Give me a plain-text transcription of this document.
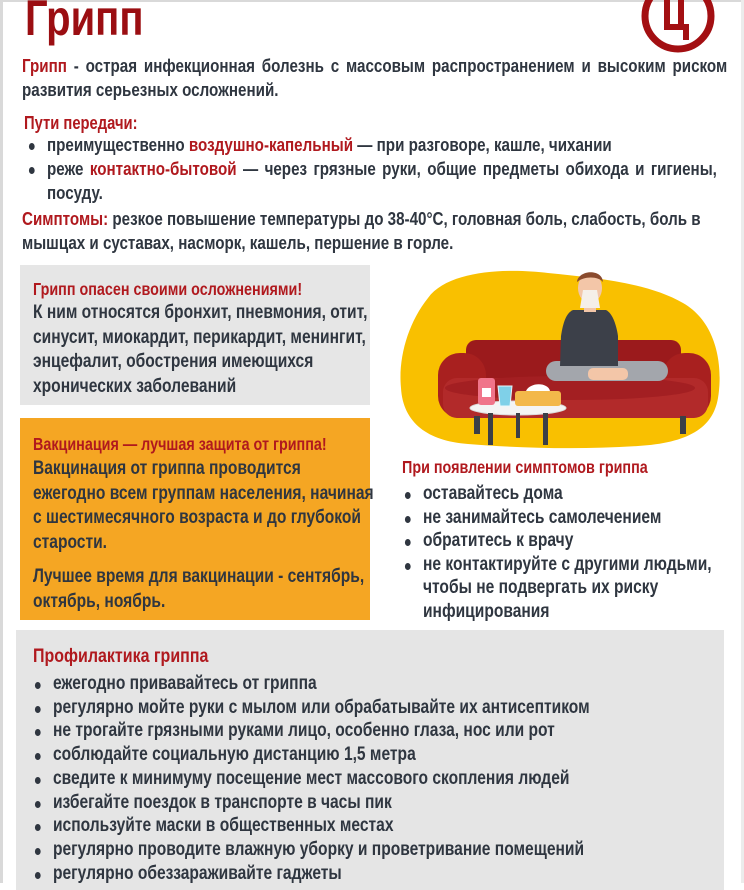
Грипп
Грипп - острая инфекционная болезнь с массовым распространением и высоким риском развития серьезных осложнений.
Пути передачи:
преимущественно воздушно-капельный — при разговоре, кашле, чихании
реже контактно-бытовой — через грязные руки, общие предметы обихода и гигиены, посуду.
Симптомы: резкое повышение температуры до 38-40°С, головная боль, слабость, боль в мышцах и суставах, насморк, кашель, першение в горле.
Грипп опасен своими осложнениями!
К ним относятся бронхит, пневмония, отит, синусит, миокардит, перикардит, менингит, энцефалит, обострения имеющихся хронических заболеваний
Вакцинация — лучшая защита от гриппа!
Вакцинация от гриппа проводится ежегодно всем группам населения, начиная с шестимесячного возраста и до глубокой старости.
Лучшее время для вакцинации - сентябрь, октябрь, ноябрь.
При появлении симптомов гриппа
оставайтесь дома
не занимайтесь самолечением
обратитесь к врачу
не контактируйте с другими людьми, чтобы не подвергать их риску инфицирования
Профилактика гриппа
ежегодно привавайтесь от гриппа
регулярно мойте руки с мылом или обрабатывайте их антисептиком
не трогайте грязными руками лицо, особенно глаза, нос или рот
соблюдайте социальную дистанцию 1,5 метра
сведите к минимуму посещение мест массового скопления людей
избегайте поездок в транспорте в часы пик
используйте маски в общественных местах
регулярно проводите влажную уборку и проветривание помещений
регулярно обеззараживайте гаджеты
